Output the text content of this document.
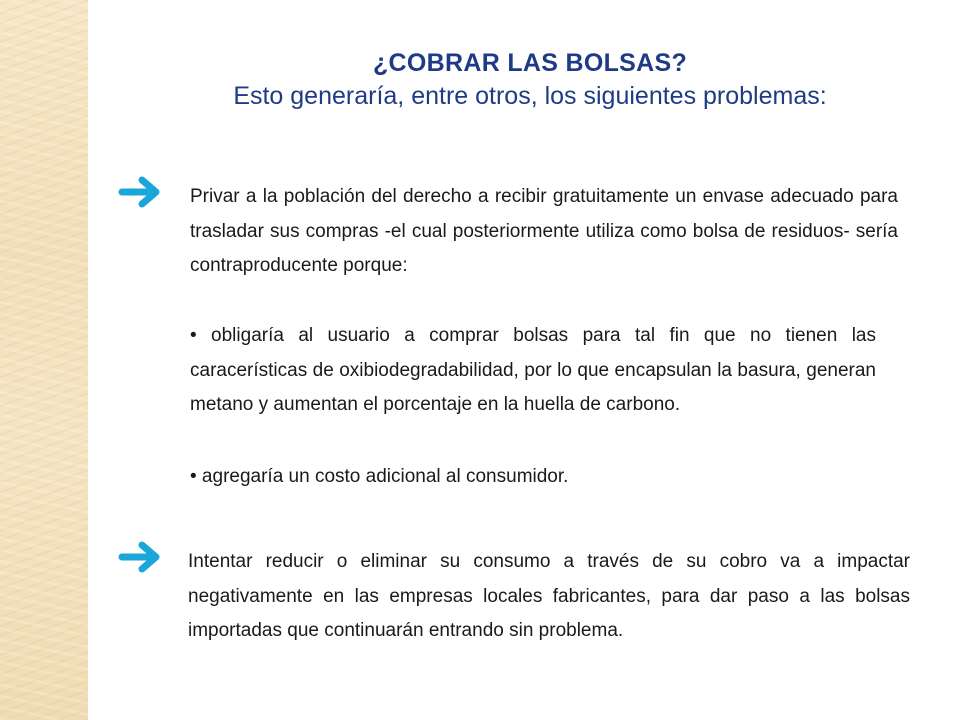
¿COBRAR LAS BOLSAS?
Esto generaría, entre otros, los siguientes problemas:
Privar a la población del derecho a recibir gratuitamente un envase adecuado para trasladar sus compras -el cual posteriormente utiliza como bolsa de residuos- sería contraproducente porque:
• obligaría al usuario a comprar bolsas para tal fin que no tienen las caracerísticas de oxibiodegradabilidad, por lo que encapsulan la basura, generan metano y aumentan el porcentaje en la huella de carbono.
• agregaría un costo adicional al consumidor.
Intentar reducir o eliminar su consumo a través de su cobro va a impactar negativamente en las empresas locales fabricantes, para dar paso a las bolsas importadas que continuarán entrando sin problema.
